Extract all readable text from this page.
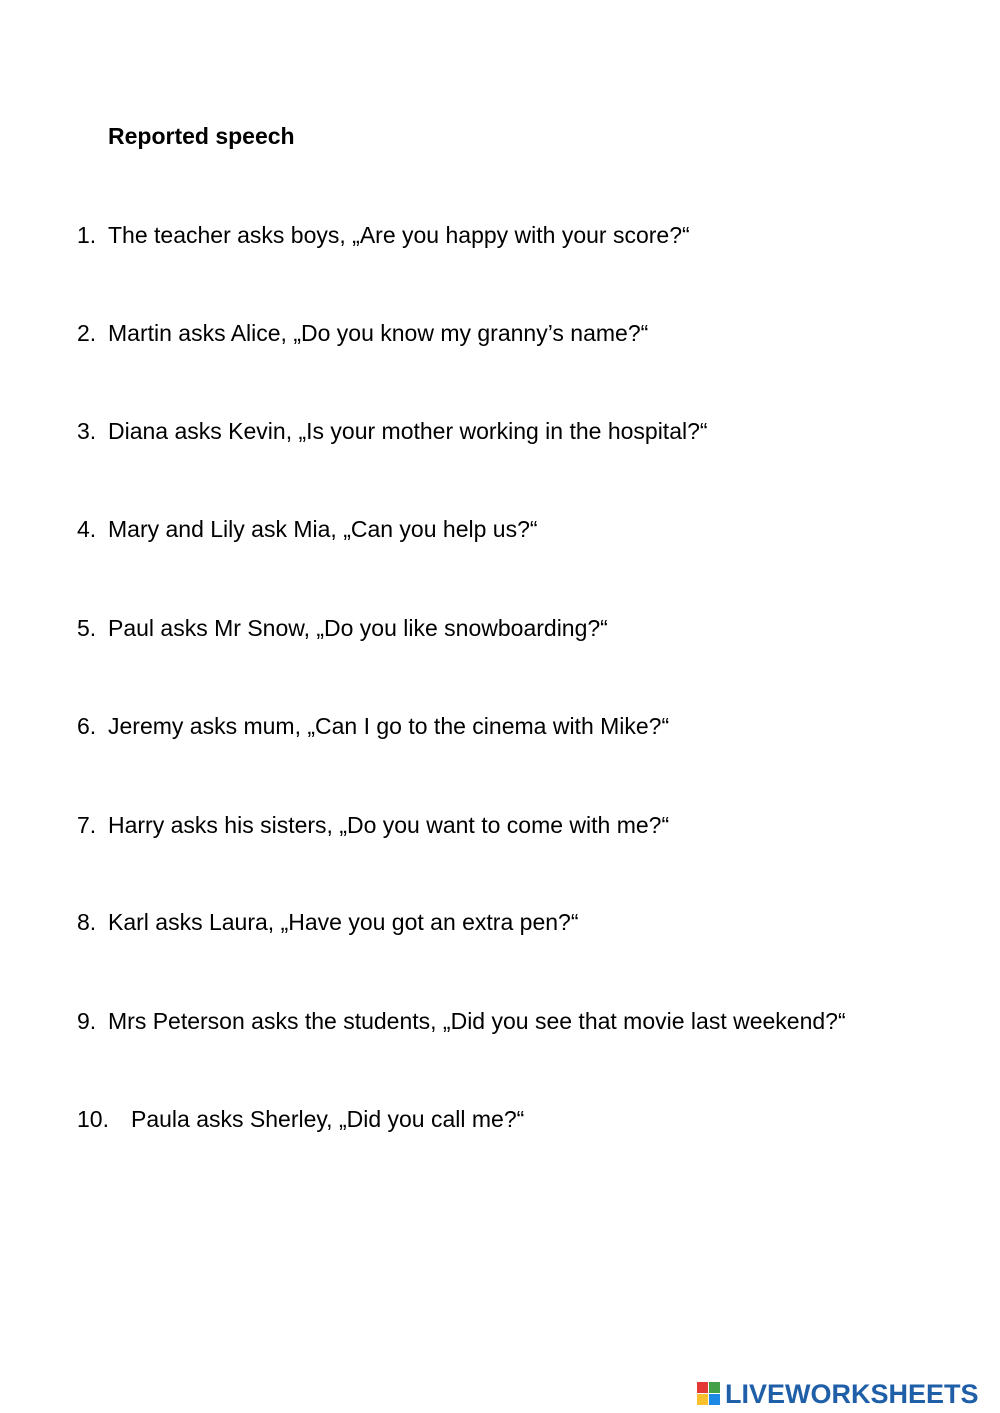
Reported speech
1. The teacher asks boys, „Are you happy with your score?“
2. Martin asks Alice, „Do you know my granny’s name?“
3. Diana asks Kevin, „Is your mother working in the hospital?“
4. Mary and Lily ask Mia, „Can you help us?“
5. Paul asks Mr Snow, „Do you like snowboarding?“
6. Jeremy asks mum, „Can I go to the cinema with Mike?“
7. Harry asks his sisters, „Do you want to come with me?“
8. Karl asks Laura, „Have you got an extra pen?“
9. Mrs Peterson asks the students, „Did you see that movie last weekend?“
10. Paula asks Sherley, „Did you call me?“
LIVEWORKSHEETS
